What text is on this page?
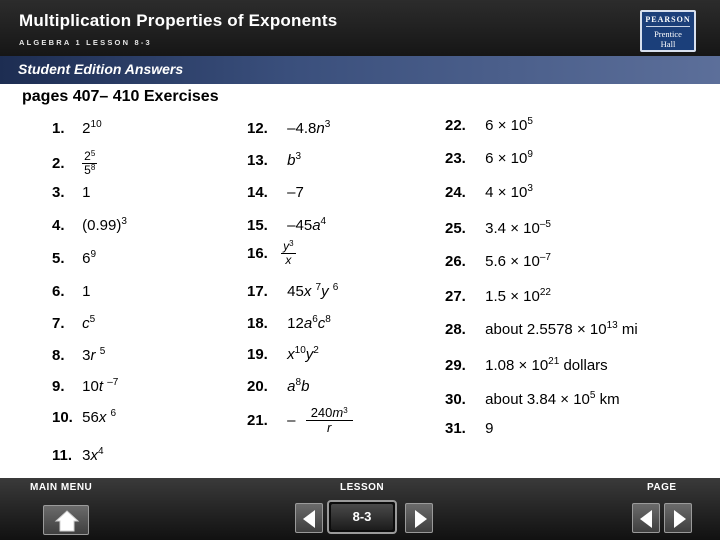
Multiplication Properties of Exponents
ALGEBRA 1 LESSON 8-3
PEARSON
Prentice
Hall
Student Edition Answers
pages 407– 410 Exercises
1. $2^{10}$
2. $\frac{2^5}{5^8}$
3. 1
4. $(0.99)^3$
5. $6^9$
6. 1
7. $c^5$
8. 3r $^5$
9. 10t $^{-7}$
10. 56x $^6$
11. $3x^4$
12. $-4.8n^3$
13. $b^3$
14. –7
15. $-45a^4$
16. $\frac{y^3}{x}$
17. 45x $^7$y $^6$
18. $12a^6c^8$
19. $x^{10}y^2$
20. $a^8b$
21. – $\frac{240m^3}{r}$
22. $6 \times 10^5$
23. $6 \times 10^9$
24. $4 \times 10^3$
25. $3.4 \times 10^{-5}$
26. $5.6 \times 10^{-7}$
27. $1.5 \times 10^{22}$
28. about $2.5578 \times 10^{13}$ mi
29. $1.08 \times 10^{21}$ dollars
30. about $3.84 \times 10^5$ km
31. 9
MAIN MENU	LESSON	PAGE
8-3
